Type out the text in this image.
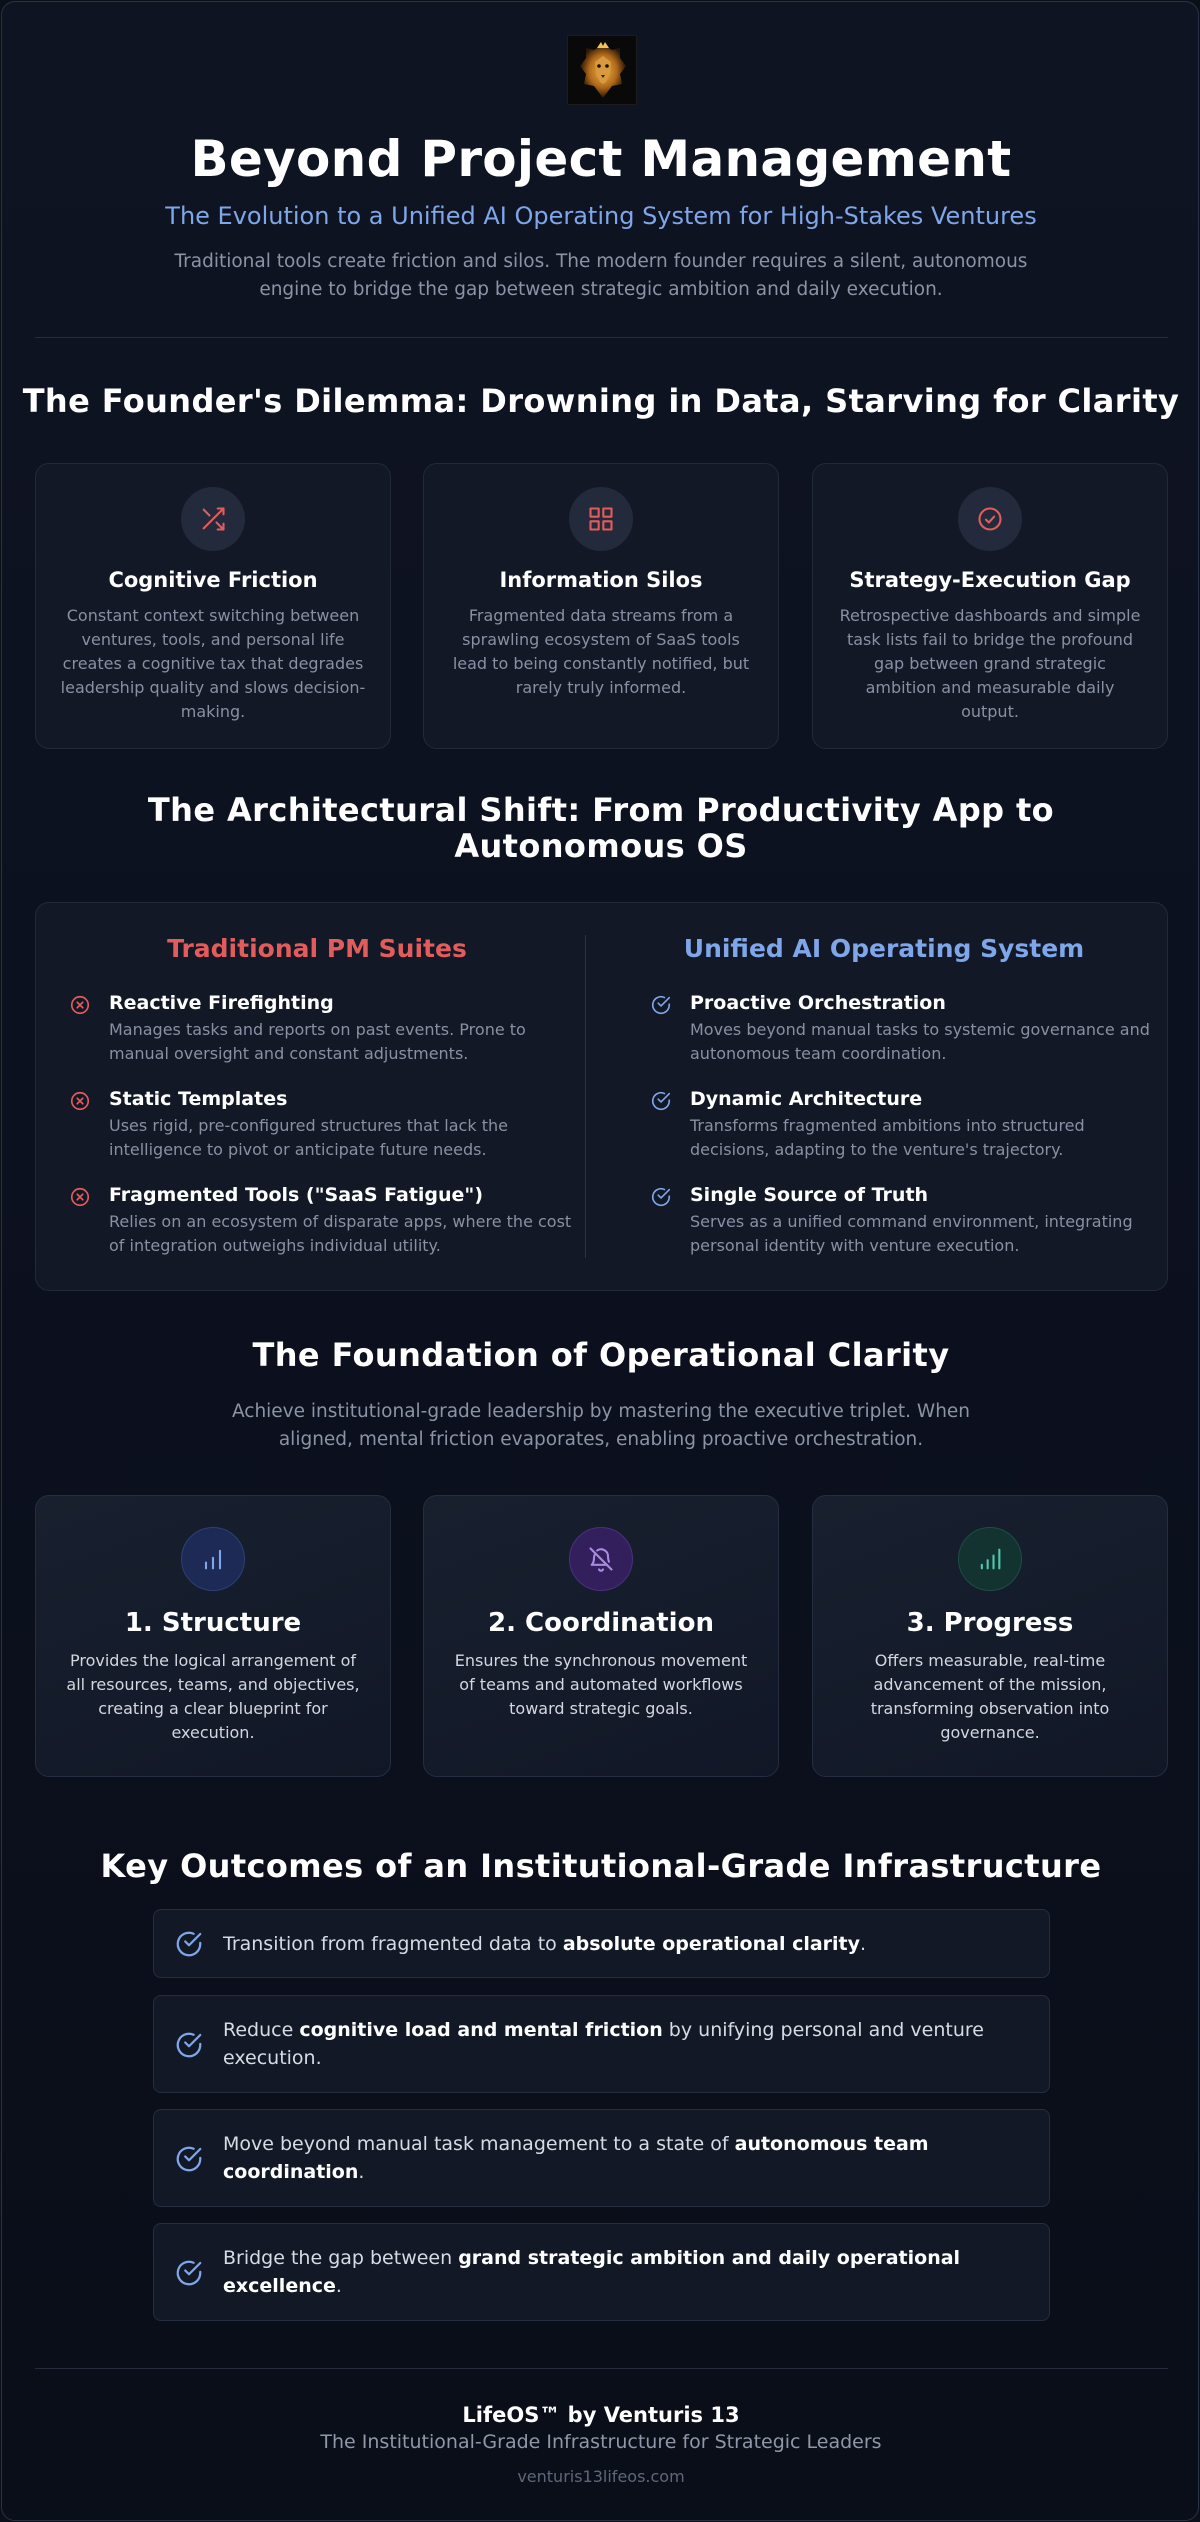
Beyond Project Management
The Evolution to a Unified AI Operating System for High-Stakes Ventures
Traditional tools create friction and silos. The modern founder requires a silent, autonomous engine to bridge the gap between strategic ambition and daily execution.
The Founder's Dilemma: Drowning in Data, Starving for Clarity
Cognitive Friction
Constant context switching between ventures, tools, and personal life creates a cognitive tax that degrades leadership quality and slows decision-making.
Information Silos
Fragmented data streams from a sprawling ecosystem of SaaS tools lead to being constantly notified, but rarely truly informed.
Strategy-Execution Gap
Retrospective dashboards and simple task lists fail to bridge the profound gap between grand strategic ambition and measurable daily output.
The Architectural Shift: From Productivity App to Autonomous OS
Traditional PM Suites	Unified AI Operating System
Reactive Firefighting
Manages tasks and reports on past events. Prone to manual oversight and constant adjustments.
Static Templates
Uses rigid, pre-configured structures that lack the intelligence to pivot or anticipate future needs.
Fragmented Tools ("SaaS Fatigue")
Relies on an ecosystem of disparate apps, where the cost of integration outweighs individual utility.
Proactive Orchestration
Moves beyond manual tasks to systemic governance and autonomous team coordination.
Dynamic Architecture
Transforms fragmented ambitions into structured decisions, adapting to the venture's trajectory.
Single Source of Truth
Serves as a unified command environment, integrating personal identity with venture execution.
The Foundation of Operational Clarity
Achieve institutional-grade leadership by mastering the executive triplet. When aligned, mental friction evaporates, enabling proactive orchestration.
1. Structure
Provides the logical arrangement of all resources, teams, and objectives, creating a clear blueprint for execution.
2. Coordination
Ensures the synchronous movement of teams and automated workflows toward strategic goals.
3. Progress
Offers measurable, real-time advancement of the mission, transforming observation into governance.
Key Outcomes of an Institutional-Grade Infrastructure
Transition from fragmented data to absolute operational clarity.
Reduce cognitive load and mental friction by unifying personal and venture execution.
Move beyond manual task management to a state of autonomous team coordination.
Bridge the gap between grand strategic ambition and daily operational excellence.
LifeOS™ by Venturis 13
The Institutional-Grade Infrastructure for Strategic Leaders
venturis13lifeos.com
